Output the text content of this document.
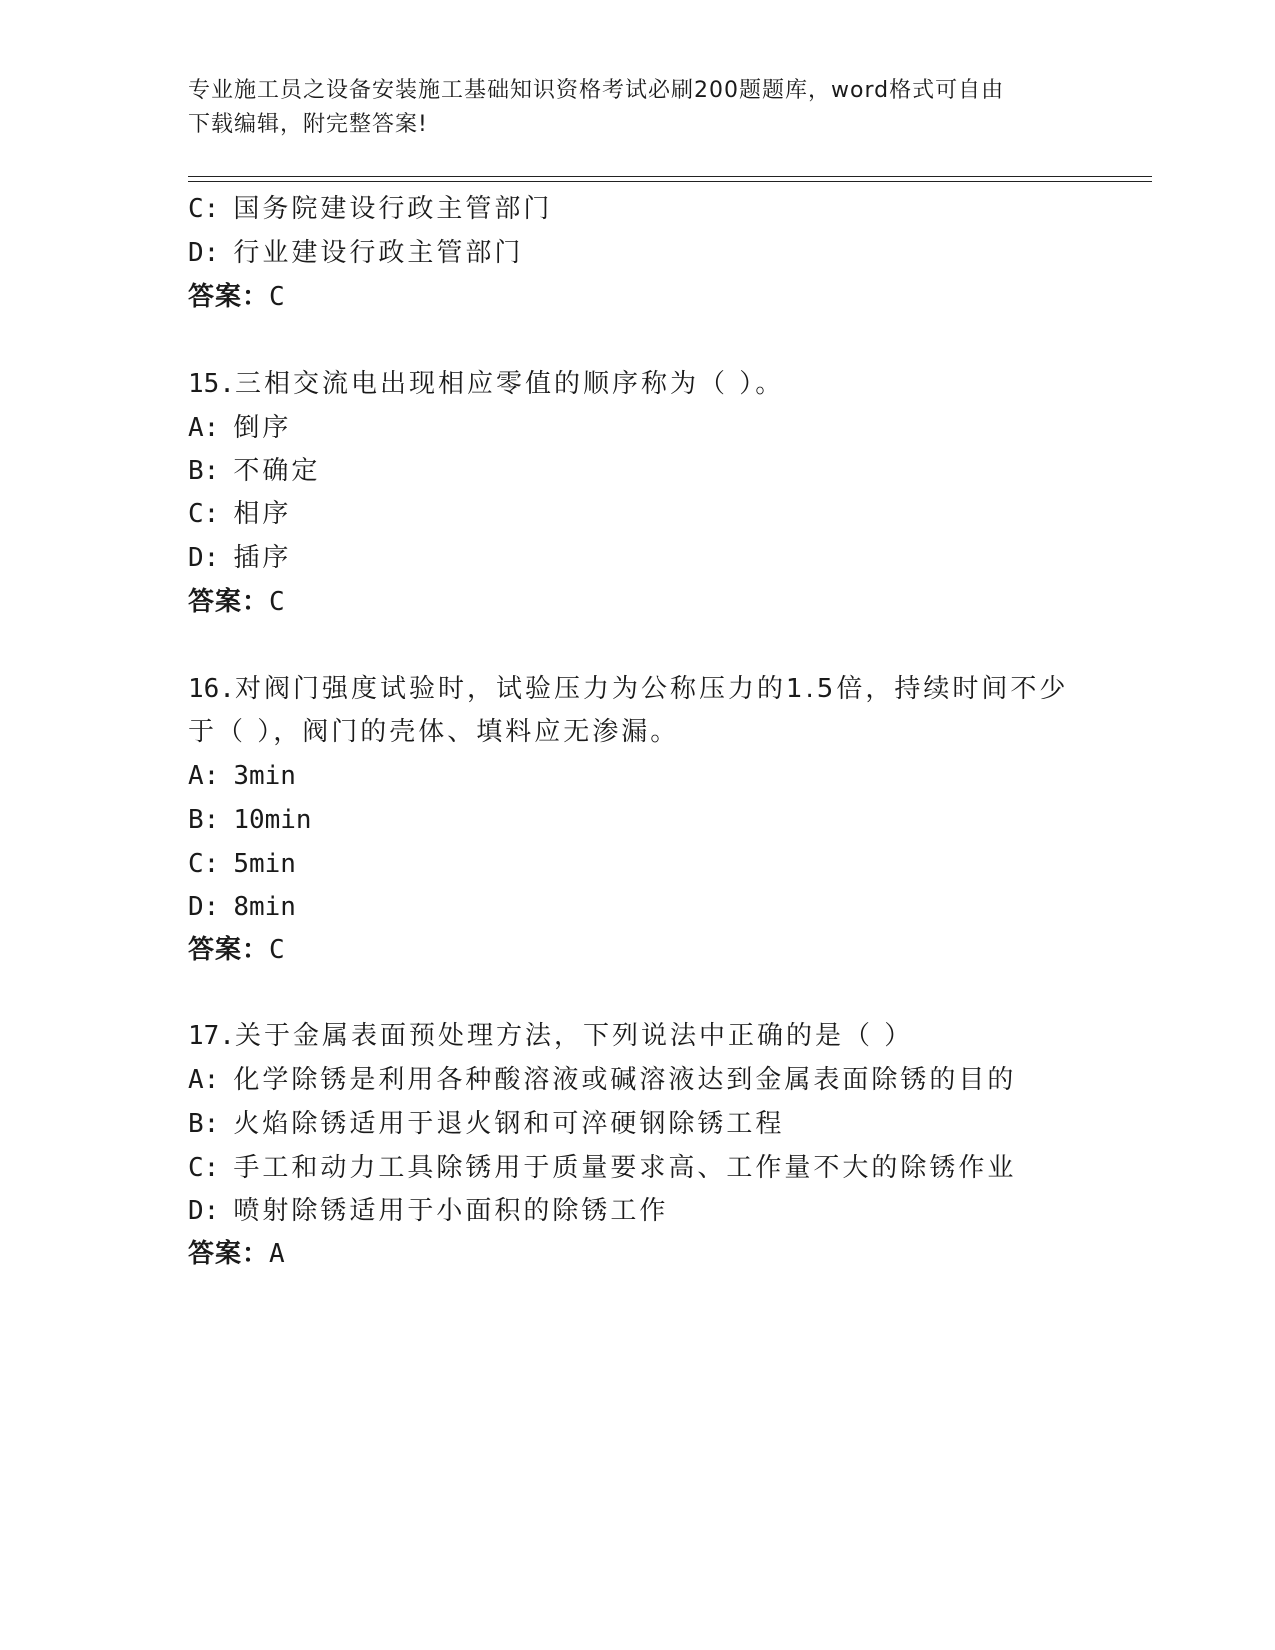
专业施工员之设备安装施工基础知识资格考试必刷200题题库，word格式可自由
下载编辑，附完整答案!
C: 国务院建设行政主管部门
D: 行业建设行政主管部门
答案：C
15.三相交流电出现相应零值的顺序称为（ ）。
A: 倒序
B: 不确定
C: 相序
D: 插序
答案：C
16.对阀门强度试验时，试验压力为公称压力的1.5倍，持续时间不少
于（ ），阀门的壳体、填料应无渗漏。
A: 3min
B: 10min
C: 5min
D: 8min
答案：C
17.关于金属表面预处理方法，下列说法中正确的是（ ）
A: 化学除锈是利用各种酸溶液或碱溶液达到金属表面除锈的目的
B: 火焰除锈适用于退火钢和可淬硬钢除锈工程
C: 手工和动力工具除锈用于质量要求高、工作量不大的除锈作业
D: 喷射除锈适用于小面积的除锈工作
答案：A
